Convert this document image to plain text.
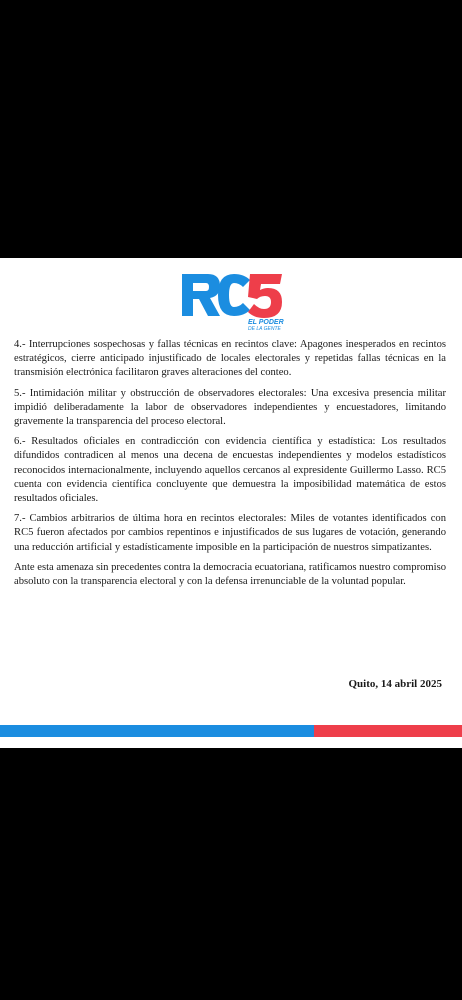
EL PODER
DE LA GENTE

4.- Interrupciones sospechosas y fallas técnicas en recintos clave: Apagones inesperados en recintos estratégicos, cierre anticipado injustificado de locales electorales y repetidas fallas técnicas en la transmisión electrónica facilitaron graves alteraciones del conteo.

5.- Intimidación militar y obstrucción de observadores electorales: Una excesiva presencia militar impidió deliberadamente la labor de observadores independientes y encuestadores, limitando gravemente la transparencia del proceso electoral.

6.- Resultados oficiales en contradicción con evidencia científica y estadística: Los resultados difundidos contradicen al menos una decena de encuestas independientes y modelos estadísticos reconocidos internacionalmente, incluyendo aquellos cercanos al expresidente Guillermo Lasso. RC5 cuenta con evidencia científica concluyente que demuestra la imposibilidad matemática de estos resultados oficiales.

7.- Cambios arbitrarios de última hora en recintos electorales: Miles de votantes identificados con RC5 fueron afectados por cambios repentinos e injustificados de sus lugares de votación, generando una reducción artificial y estadísticamente imposible en la participación de nuestros simpatizantes.

Ante esta amenaza sin precedentes contra la democracia ecuatoriana, ratificamos nuestro compromiso absoluto con la transparencia electoral y con la defensa irrenunciable de la voluntad popular.

Quito, 14 abril 2025
